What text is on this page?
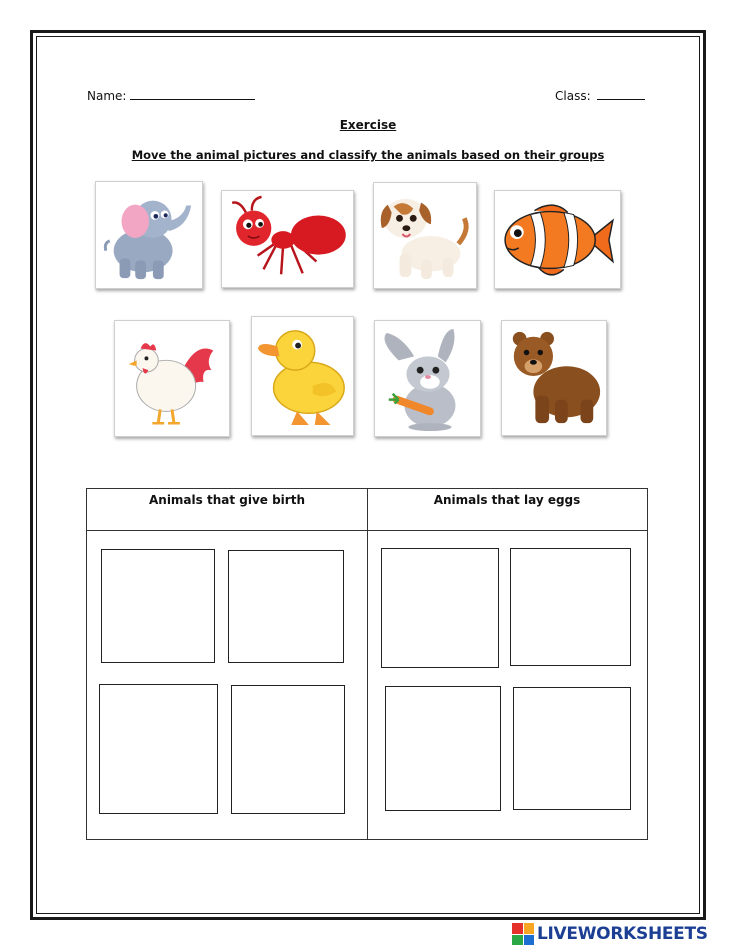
Name:	Class:
Exercise
Move the animal pictures and classify the animals based on their groups
Animals that give birth	Animals that lay eggs
LIVEWORKSHEETS
